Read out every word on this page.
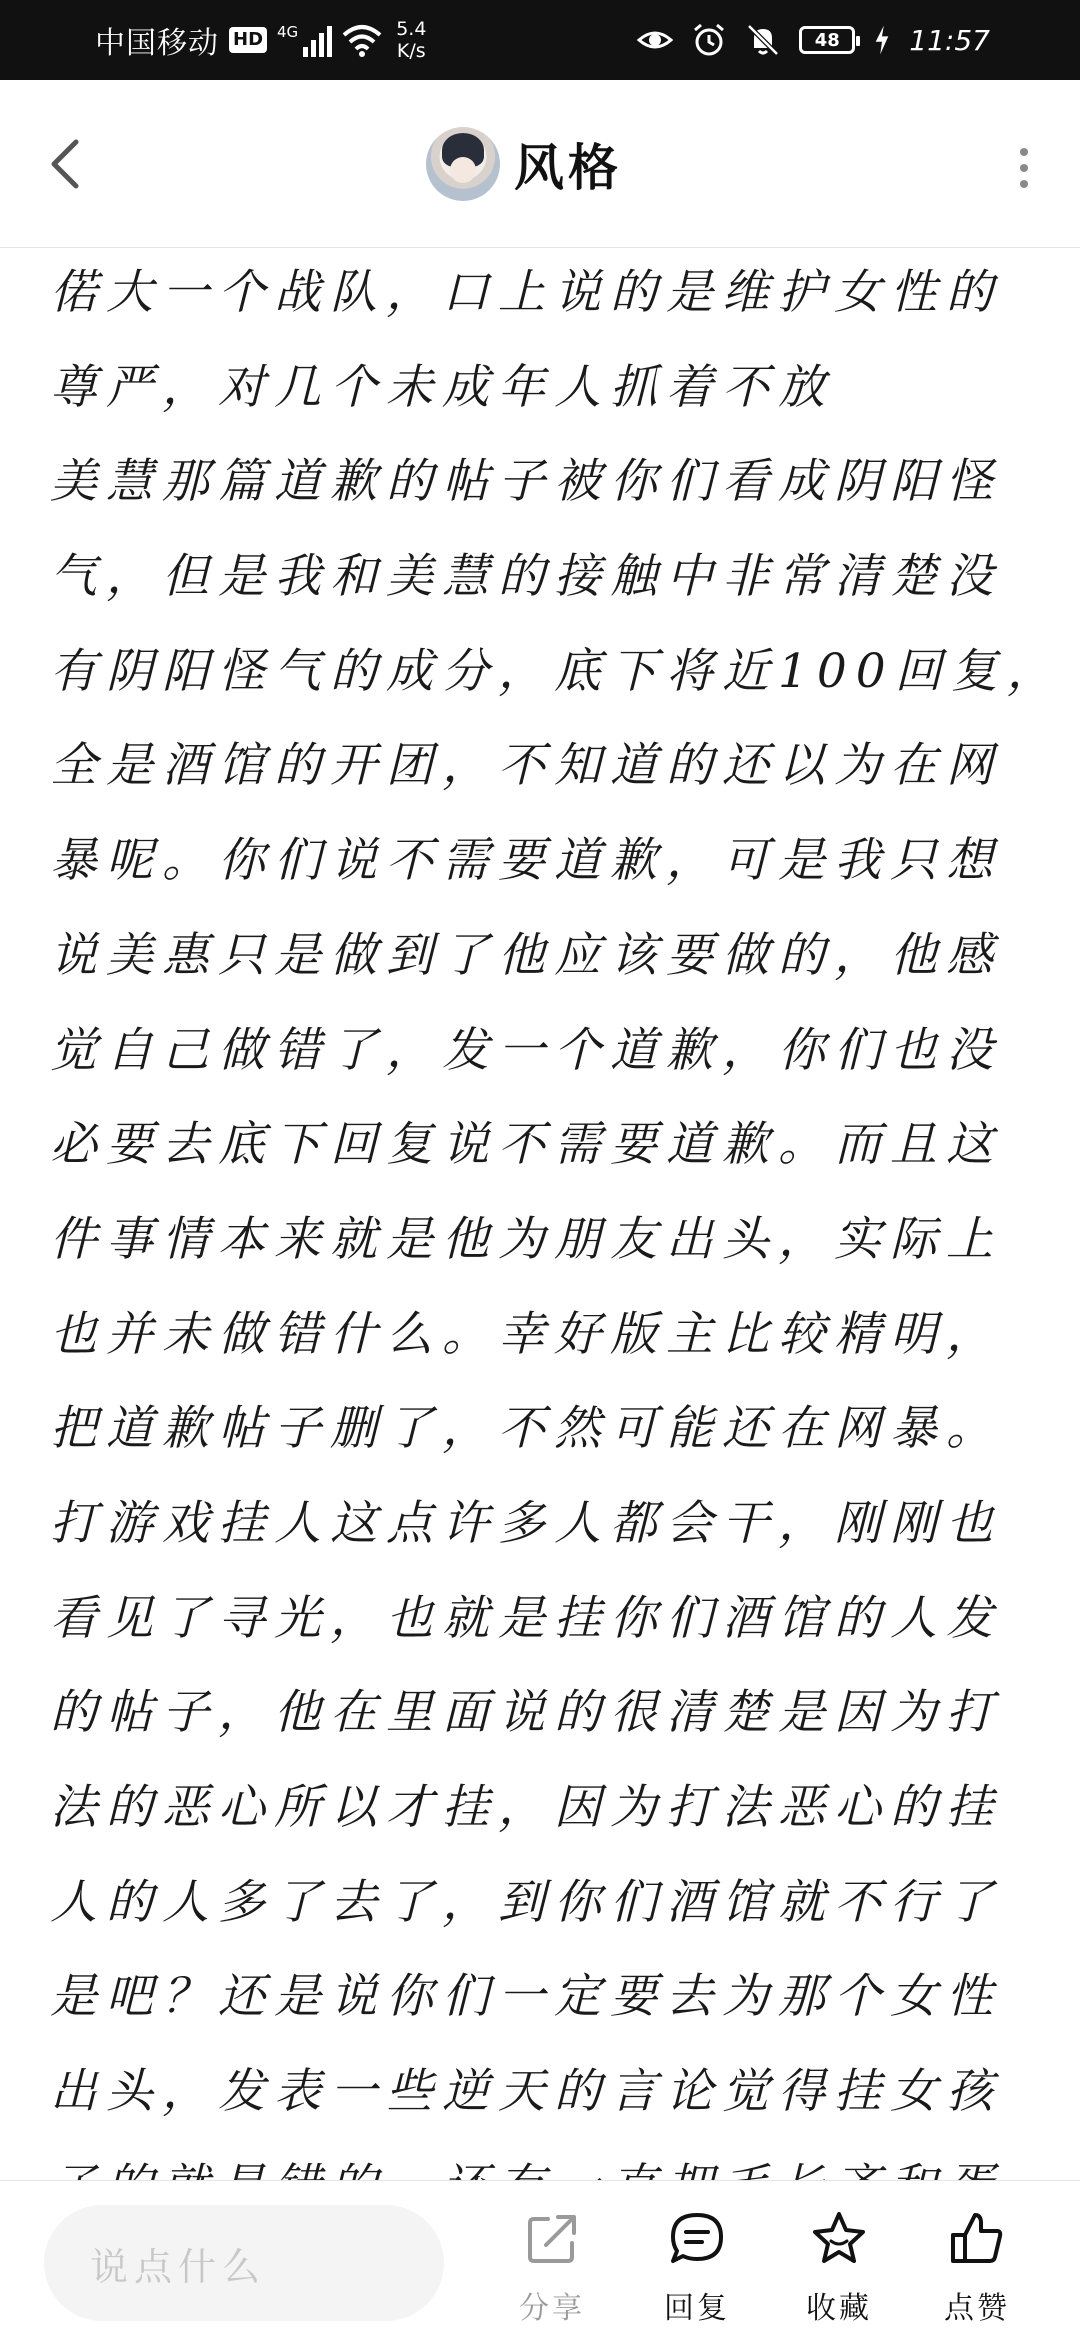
中国移动 HD 4G	5.4
K/s	48	11:57
风格
偌大一个战队，口上说的是维护女性的
尊严，对几个未成年人抓着不放
美慧那篇道歉的帖子被你们看成阴阳怪
气，但是我和美慧的接触中非常清楚没
有阴阳怪气的成分，底下将近100回复，
全是酒馆的开团，不知道的还以为在网
暴呢。你们说不需要道歉，可是我只想
说美惠只是做到了他应该要做的，他感
觉自己做错了，发一个道歉，你们也没
必要去底下回复说不需要道歉。而且这
件事情本来就是他为朋友出头，实际上
也并未做错什么。幸好版主比较精明，
把道歉帖子删了，不然可能还在网暴。
打游戏挂人这点许多人都会干，刚刚也
看见了寻光，也就是挂你们酒馆的人发
的帖子，他在里面说的很清楚是因为打
法的恶心所以才挂，因为打法恶心的挂
人的人多了去了，到你们酒馆就不行了
是吧？还是说你们一定要去为那个女性
出头，发表一些逆天的言论觉得挂女孩
说点什么
分享	回复	收藏 点赞
